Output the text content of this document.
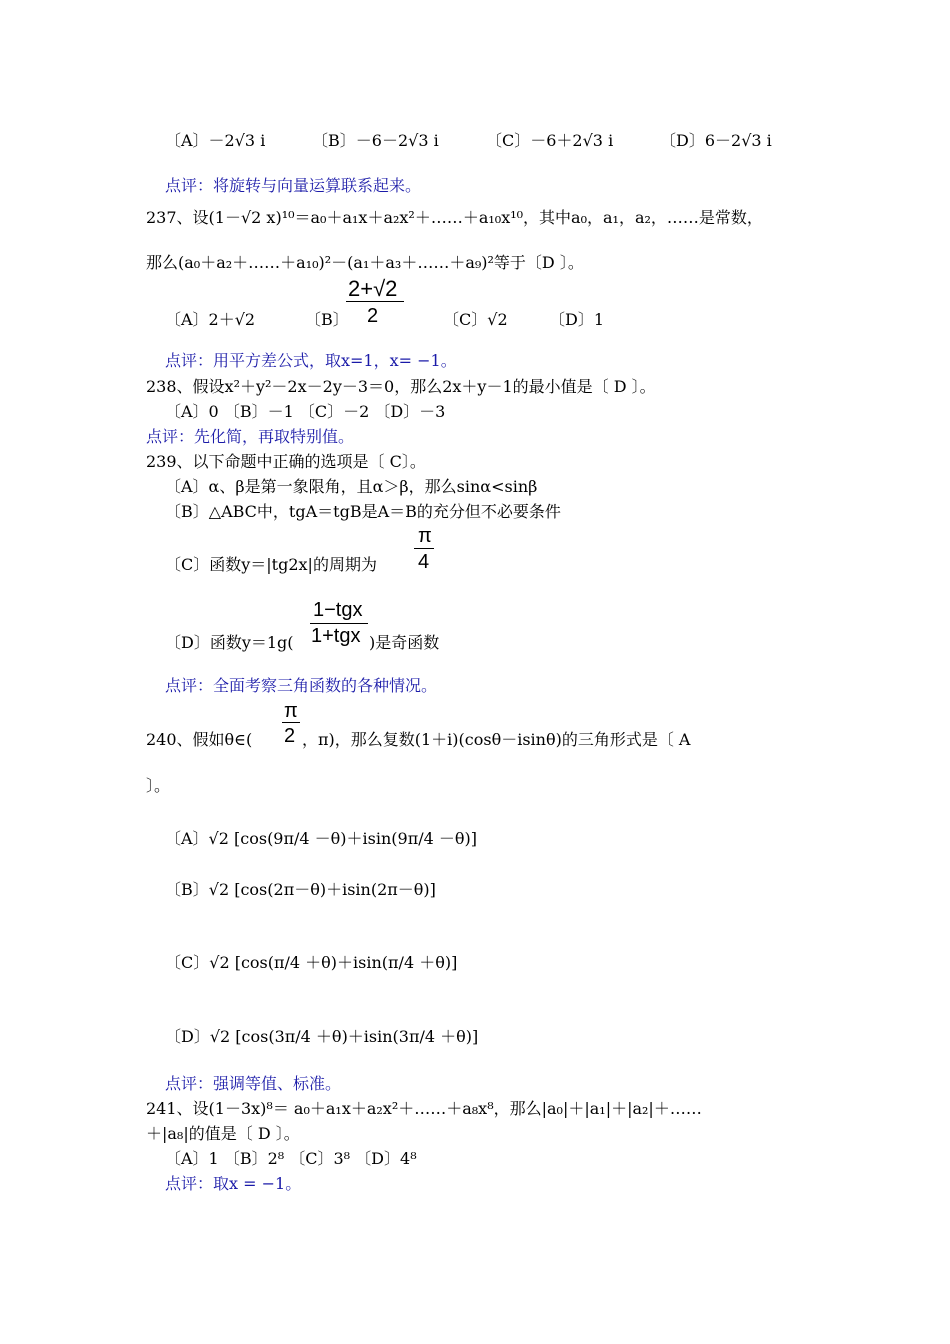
〔A〕－2√3 i	〔B〕－6－2√3 i	〔C〕－6＋2√3 i	〔D〕6－2√3 i
点评：将旋转与向量运算联系起来。
237、设(1－√2 x)¹⁰＝a₀＋a₁x＋a₂x²＋……＋a₁₀x¹⁰，其中a₀，a₁，a₂，……是常数，
那么(a₀＋a₂＋……＋a₁₀)²－(a₁＋a₃＋……＋a₉)²等于〔D 〕。
〔A〕2＋√2	〔B〕
2+√2
2	〔C〕√2	〔D〕1
点评：用平方差公式，取x=1，x= −1。
238、假设x²＋y²－2x－2y－3＝0，那么2x＋y－1的最小值是〔 D 〕。
〔A〕0 〔B〕－1 〔C〕－2 〔D〕－3
点评：先化简，再取特别值。
239、以下命题中正确的选项是〔 C〕。
〔A〕α、β是第一象限角，且α＞β，那么sinα<sinβ
〔B〕△ABC中，tgA＝tgB是A＝B的充分但不必要条件
〔C〕函数y＝|tg2x|的周期为
π
4
〔D〕函数y＝1g(
1−tgx
1+tgx )是奇函数
点评：全面考察三角函数的各种情况。
240、假如θ∈(
π
2 ，π)，那么复数(1＋i)(cosθ－isinθ)的三角形式是〔 A
〕。
〔A〕√2 [cos(9π/4 －θ)＋isin(9π/4 －θ)]
〔B〕√2 [cos(2π－θ)＋isin(2π－θ)]
〔C〕√2 [cos(π/4 ＋θ)＋isin(π/4 ＋θ)]
〔D〕√2 [cos(3π/4 ＋θ)＋isin(3π/4 ＋θ)]
点评：强调等值、标准。
241、设(1－3x)⁸＝ a₀＋a₁x＋a₂x²＋……＋a₈x⁸，那么|a₀|＋|a₁|＋|a₂|＋……
＋|a₈|的值是〔 D 〕。
〔A〕1 〔B〕2⁸ 〔C〕3⁸ 〔D〕4⁸
点评：取x = −1。
